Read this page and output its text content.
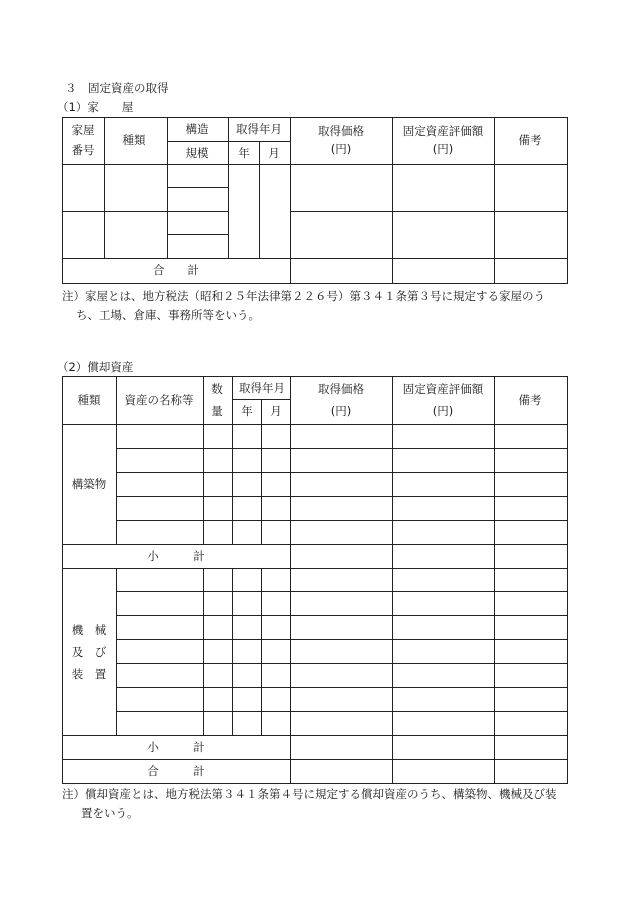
３　固定資産の取得
（1）家　　屋
家屋
番号
種類
構造
規模
取得年月
年 月
取得価格
(円)
固定資産評価額
(円)
備考
合　　計
注）家屋とは、地方税法（昭和２５年法律第２２６号）第３４１条第３号に規定する家屋のう
ち、工場、倉庫、事務所等をいう。
（2）償却資産
種類 資産の名称等
数
量
取得年月
年 月
取得価格
(円)
固定資産評価額
(円)
備考
構築物
小　　　計
機　械
及　び
装　置
小　　　計
合　　　計
注）償却資産とは、地方税法第３４１条第４号に規定する償却資産のうち、構築物、機械及び装
置をいう。
